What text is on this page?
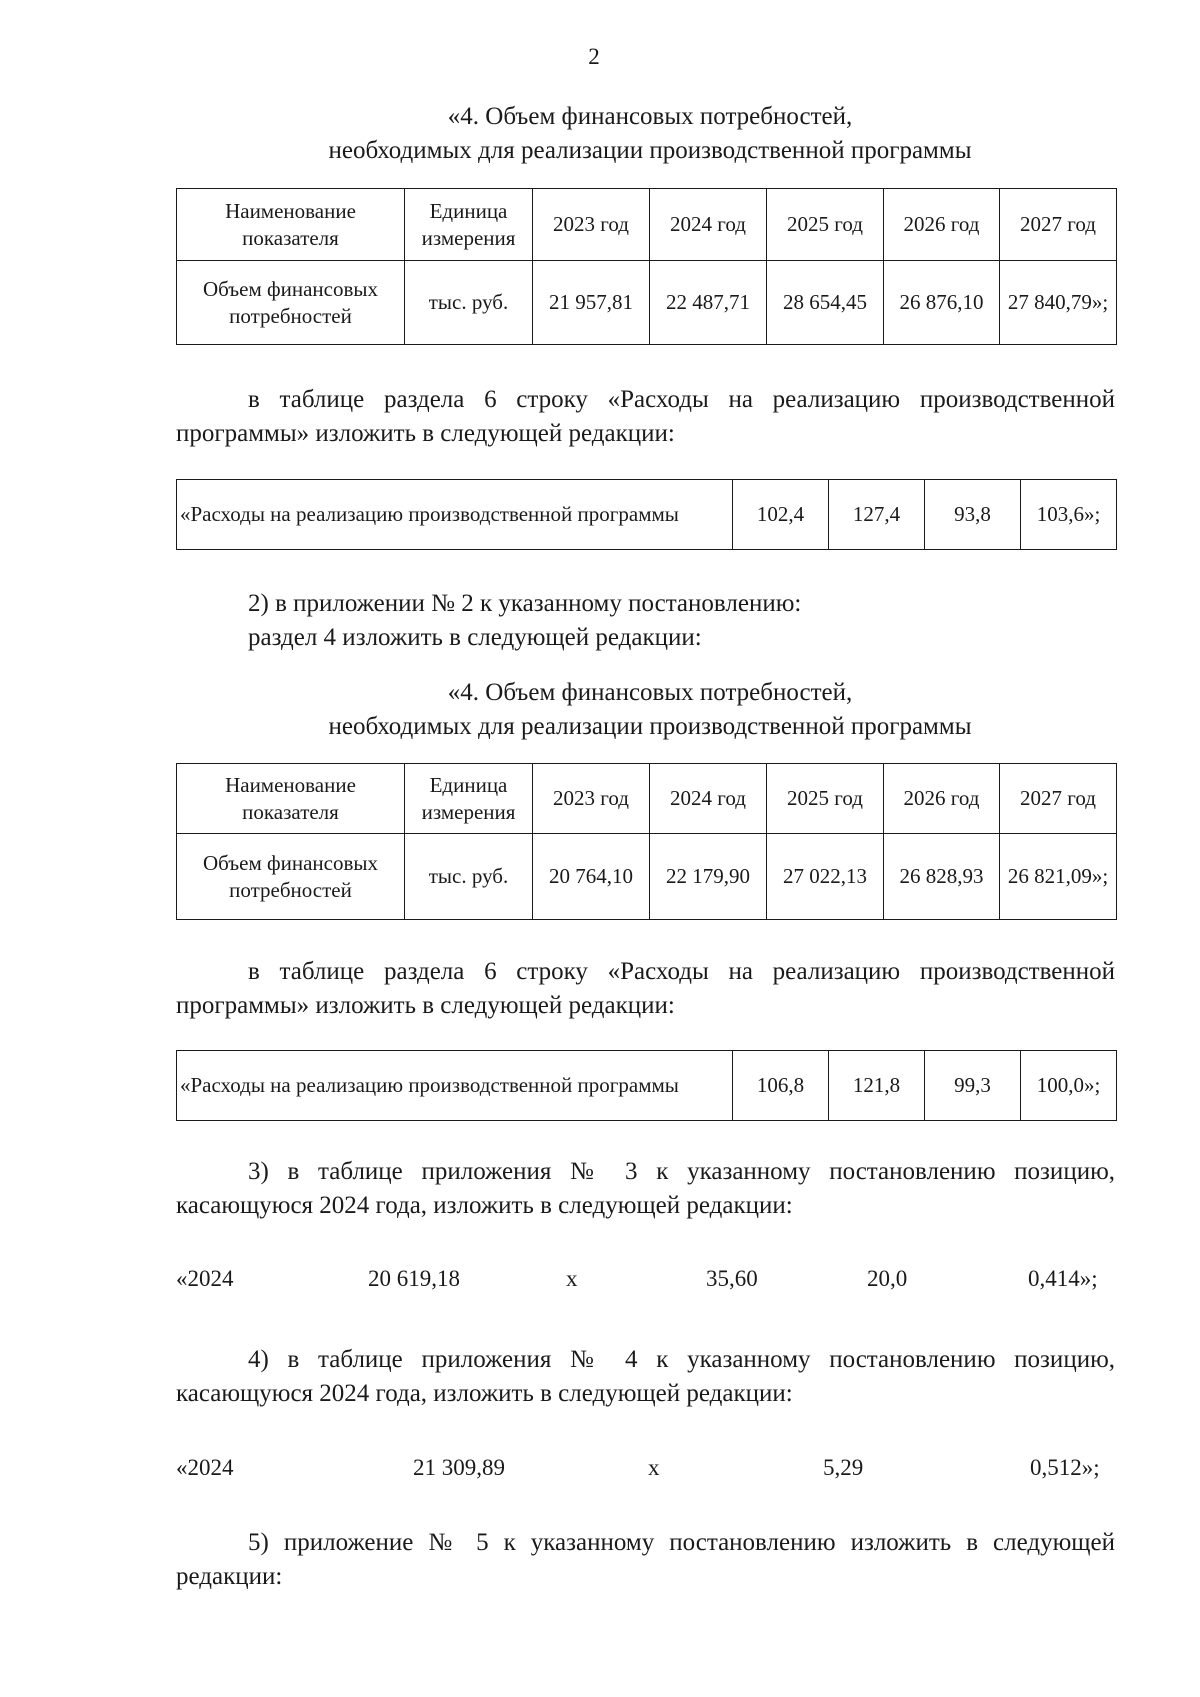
2
«4. Объем финансовых потребностей,
необходимых для реализации производственной программы
Наименование показателя	Единица измерения	2023 год	2024 год	2025 год	2026 год	2027 год
Объем финансовых потребностей	тыс. руб.	21 957,81	22 487,71	28 654,45	26 876,10	27 840,79»;
в таблице раздела 6 строку «Расходы на реализацию производственной программы» изложить в следующей редакции:
«Расходы на реализацию производственной программы	102,4	127,4	93,8	103,6»;
2) в приложении № 2 к указанному постановлению:
раздел 4 изложить в следующей редакции:
«4. Объем финансовых потребностей,
необходимых для реализации производственной программы
Наименование показателя	Единица измерения	2023 год	2024 год	2025 год	2026 год	2027 год
Объем финансовых потребностей	тыс. руб.	20 764,10	22 179,90	27 022,13	26 828,93	26 821,09»;
в таблице раздела 6 строку «Расходы на реализацию производственной программы» изложить в следующей редакции:
«Расходы на реализацию производственной программы	106,8	121,8	99,3	100,0»;
3) в таблице приложения № 3 к указанному постановлению позицию, касающуюся 2024 года, изложить в следующей редакции:
«2024	20 619,18	х	35,60	20,0	0,414»;
4) в таблице приложения № 4 к указанному постановлению позицию, касающуюся 2024 года, изложить в следующей редакции:
«2024	21 309,89	х	5,29	0,512»;
5) приложение № 5 к указанному постановлению изложить в следующей редакции:
